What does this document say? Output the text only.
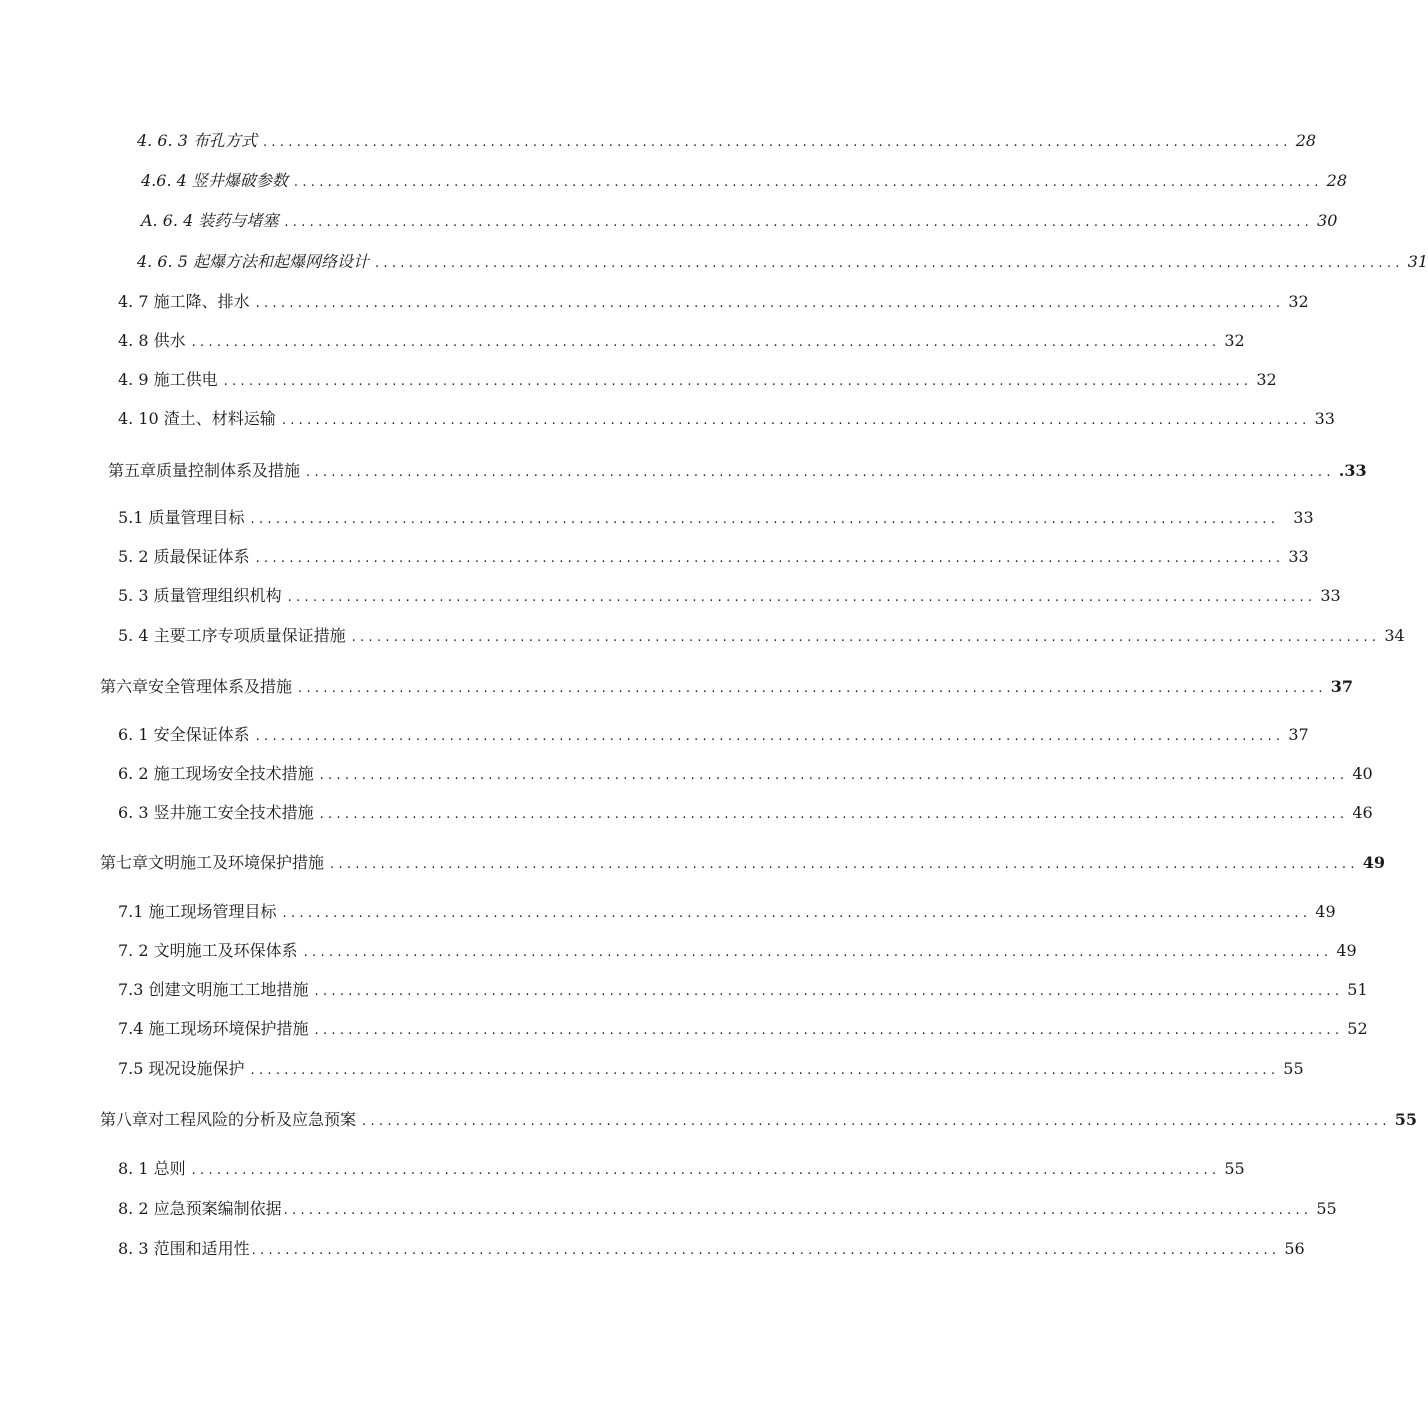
4. 6. 3 布孔方式 .......................................................................................................................... 28
4.6. 4 竖井爆破参数 .......................................................................................................................... 28
A. 6. 4 装药与堵塞 .......................................................................................................................... 30
4. 6. 5 起爆方法和起爆网络设计 .......................................................................................................................... 31
4. 7 施工降、排水 .......................................................................................................................... 32
4. 8 供水 .......................................................................................................................... 32
4. 9 施工供电 .......................................................................................................................... 32
4. 10 渣土、材料运输 .......................................................................................................................... 33
第五章质量控制体系及措施 .......................................................................................................................... .33
5.1 质量管理目标 .......................................................................................................................... 33
5. 2 质最保证体系 .......................................................................................................................... 33
5. 3 质量管理组织机构 .......................................................................................................................... 33
5. 4 主要工序专项质量保证措施 .......................................................................................................................... 34
第六章安全管理体系及措施 .......................................................................................................................... 37
6. 1 安全保证体系 .......................................................................................................................... 37
6. 2 施工现场安全技术措施 .......................................................................................................................... 40
6. 3 竖井施工安全技术措施 .......................................................................................................................... 46
第七章文明施工及环境保护措施 .......................................................................................................................... 49
7.1 施工现场管理目标 .......................................................................................................................... 49
7. 2 文明施工及环保体系 .......................................................................................................................... 49
7.3 创建文明施工工地措施 .......................................................................................................................... 51
7.4 施工现场环境保护措施 .......................................................................................................................... 52
7.5 现况设施保护 .......................................................................................................................... 55
第八章对工程风险的分析及应急预案 .......................................................................................................................... 55
8. 1 总则 .......................................................................................................................... 55
8. 2 应急预案编制依据 .......................................................................................................................... 55
8. 3 范围和适用性 .......................................................................................................................... 56
